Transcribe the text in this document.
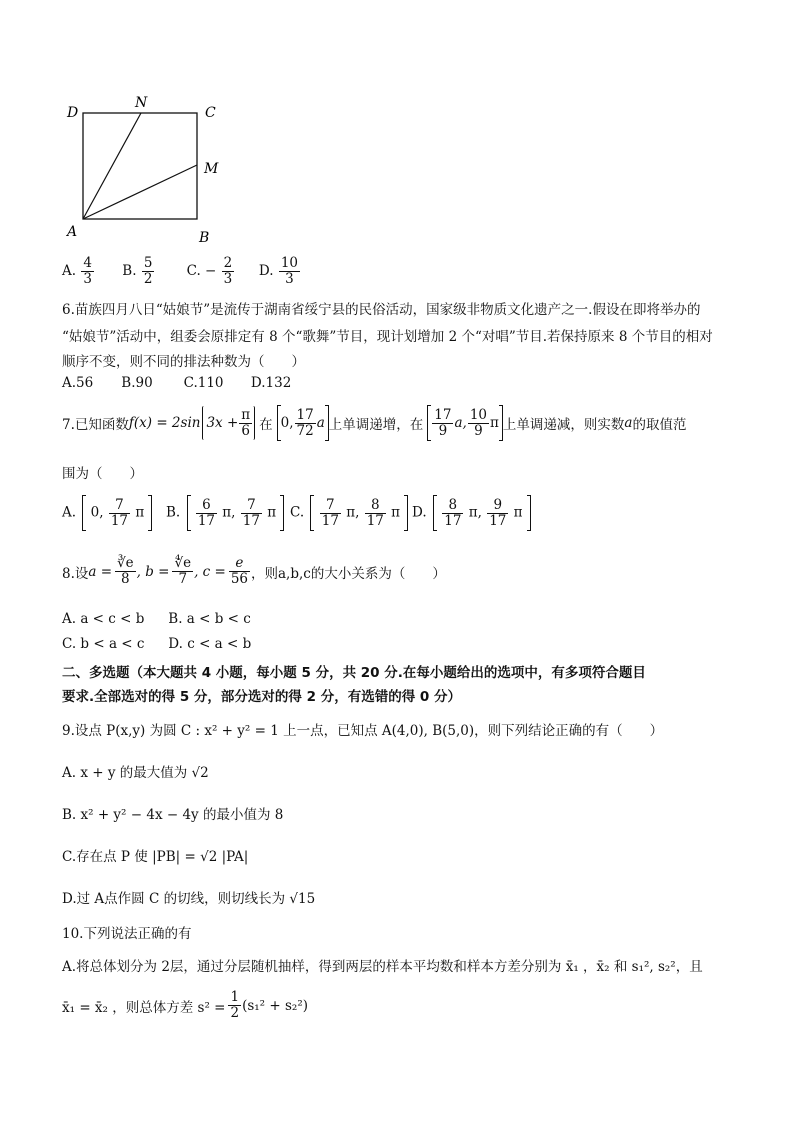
D
N
C
M
A	B
A. $\frac{4}{3} B$. $\frac{5}{2} C$. − $\frac{2}{3} D$. $\frac{10}{3}$
6.苗族四月八日“姑娘节”是流传于湖南省绥宁县的民俗活动，国家级非物质文化遗产之一.假设在即将举办的
“姑娘节”活动中，组委会原排定有 8 个“歌舞”节目，现计划增加 2 个“对唱”节目.若保持原来 8 个节目的相对
顺序不变，则不同的排法种数为（　　）
A.56 B.90 C.110 D.132
7.已知函数 f(x) = 2sin $3x + \frac{\pi}{6}$ 在 0, $\frac{17}{72}$ a 上单调递增，在 $\frac{17}{9} a$, $\frac{10}{9}$ π 上单调递减，则实数 a 的取值范
围为（　　）
A. 0, $\frac{7}{17}$ π	B. $\frac{6}{17} \pi$, $\frac{7}{17}$ π	C. $\frac{7}{17} \pi$, $\frac{8}{17}$ π D. $\frac{8}{17} \pi$, $\frac{9}{17}$ π
8.设 $a = \frac{∛e}{8}$ , $b = \frac{∜e}{7}$ , $c = \frac{e}{56}$ ，则a,b,c的大小关系为（　　）
A. a < c < b B. a < b < c
C. b < a < c D. c < a < b
二、多选题（本大题共 4 小题，每小题 5 分，共 20 分.在每小题给出的选项中，有多项符合题目
要求.全部选对的得 5 分，部分选对的得 2 分，有选错的得 0 分）
9.设点 P(x,y) 为圆 C : x² + y² = 1 上一点，已知点 A(4,0), B(5,0)，则下列结论正确的有（　　）
A. x + y 的最大值为 √2
B. x² + y² − 4x − 4y 的最小值为 8
C.存在点 P 使 |PB| = √2 |PA|
D.过 A点作圆 C 的切线，则切线长为 √15
10.下列说法正确的有
A.将总体划分为 2层，通过分层随机抽样，得到两层的样本平均数和样本方差分别为 x̄₁ ，x̄₂ 和 s₁², s₂²，且
x̄₁ = x̄₂ ，则总体方差 $s^2 = \frac{1}{2} (s_1^2 + s_2^2)$
